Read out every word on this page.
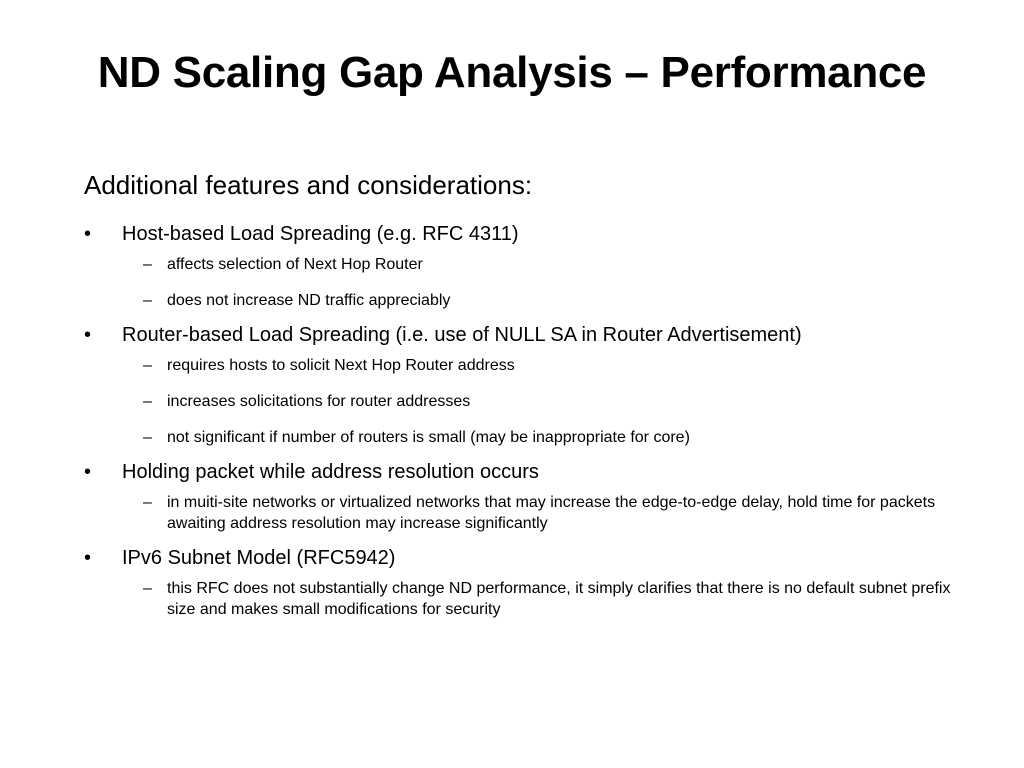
ND Scaling Gap Analysis – Performance

Additional features and considerations:

•	Host-based Load Spreading (e.g. RFC 4311)
– affects selection of Next Hop Router
– does not increase ND traffic appreciably
•	Router-based Load Spreading (i.e. use of NULL SA in Router Advertisement)
– requires hosts to solicit Next Hop Router address
– increases solicitations for router addresses
– not significant if number of routers is small (may be inappropriate for core)
•	Holding packet while address resolution occurs
– in muiti-site networks or virtualized networks that may increase the edge-to-edge delay, hold time for packets awaiting address resolution may increase significantly
•	IPv6 Subnet Model (RFC5942)
– this RFC does not substantially change ND performance, it simply clarifies that there is no default subnet prefix size and makes small modifications for security
